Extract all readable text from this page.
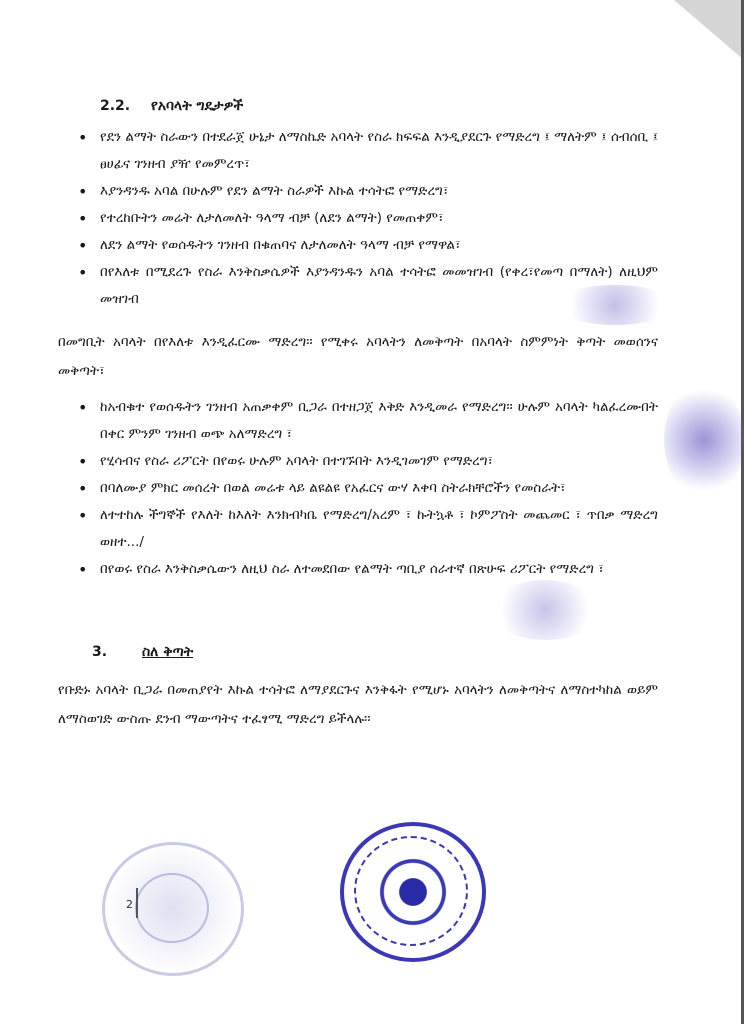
2.2. የአባላት ግዴታዎች
• የደን ልማት ስራውን በተደራጀ ሁኔታ ለማስኬድ አባላት የስራ ክፍፍል እንዲያደርጉ የማድረግ ፤ ማለትም ፤ ሰብሰቢ ፤ ፀሀፊና ገንዘብ ያዥ የመምረጥ፣
• እያንዳንዱ አባል በሁሉም የደን ልማት ስራዎች እኩል ተሳትፎ የማድረግ፣
• የተረከቡትን መሬት ለታለመለት ዓላማ ብቻ (ለደን ልማት) የመጠቀም፣
• ለደን ልማት የወሰዱትን ገንዘብ በቁጠባና ለታለመለት ዓላማ ብቻ የማዋል፣
• በየእለቱ በሚደረጉ የስራ እንቅስቃሴዎች እያንዳንዱን አባል ተሳትፎ መመዝገብ (የቀረ፣የመጣ በማለት) ለዚህም መዝገብ

በመግቢት አባላት በየእለቱ እንዲፈርሙ ማድረግ፡፡ የሚቀሩ አባላትን ለመቅጣት በአባላት ስምምነት ቅጣት መወሰንና መቅጣት፣

• ከአብቁተ የወሰዱትን ገንዘብ አጠቃቀም ቢጋራ በተዘጋጀ እቅድ እንዲመራ የማድረግ፡፡ ሁሉም አባላት ካልፈረሙበት በቀር ምንም ገንዘብ ወጭ አለማድረግ ፣
• የሂሳብና የስራ ሪፖርት በየወሩ ሁሉም አባላት በተገኙበት እንዲገመገም የማድረግ፣
• በባለሙያ ምክር መሰረት በወል መሬቱ ላይ ልዩልዩ የአፈርና ውሃ እቀባ ስትራክቸሮችን የመስራት፣
• ለተተከሉ ችግኞች የእለት ከእለት እንክብካቤ የማድረግ/አረም ፣ ኩትኳቶ ፣ ኮምፖስት መጨመር ፣ ጥበቃ ማድረግ ወዘተ.../
• በየወሩ የስራ እንቅስቃሴውን ለዚህ ስራ ለተመደበው የልማት ጣቢያ ሰራተኛ በጽሁፍ ሪፖርት የማድረግ ፣
3. ስለ ቅጣት

የቡድኑ አባላት ቢጋራ በመጠያየት እኩል ተሳትፎ ለማያደርጉና እንቅፋት የሚሆኑ አባላትን ለመቅጣትና ለማስተካከል ወይም ለማስወገድ ውስጡ ደንብ ማውጣትና ተፈፃሚ ማድረግ ይችላሉ፡፡

2
